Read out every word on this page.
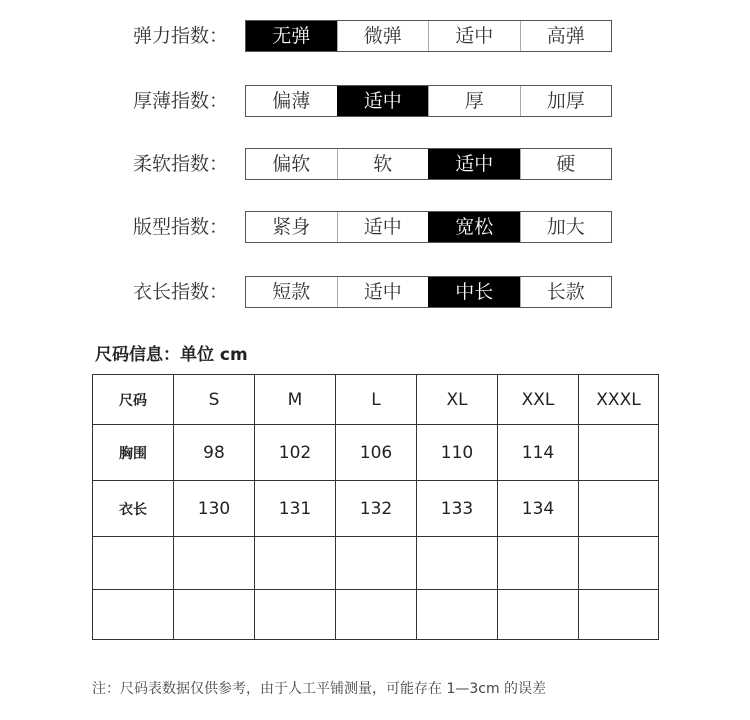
弹力指数：	无弹	微弹	适中	高弹
厚薄指数：	偏薄	适中	厚	加厚
柔软指数：	偏软	软	适中	硬
版型指数：	紧身	适中	宽松	加大
衣长指数：	短款	适中	中长	长款
尺码信息：单位 cm
尺码	S	M	L	XL	XXL	XXXL
胸围	98	102	106	110	114	
衣长	130	131	132	133	134	

注：尺码表数据仅供参考，由于人工平铺测量，可能存在 1—3cm 的误差
